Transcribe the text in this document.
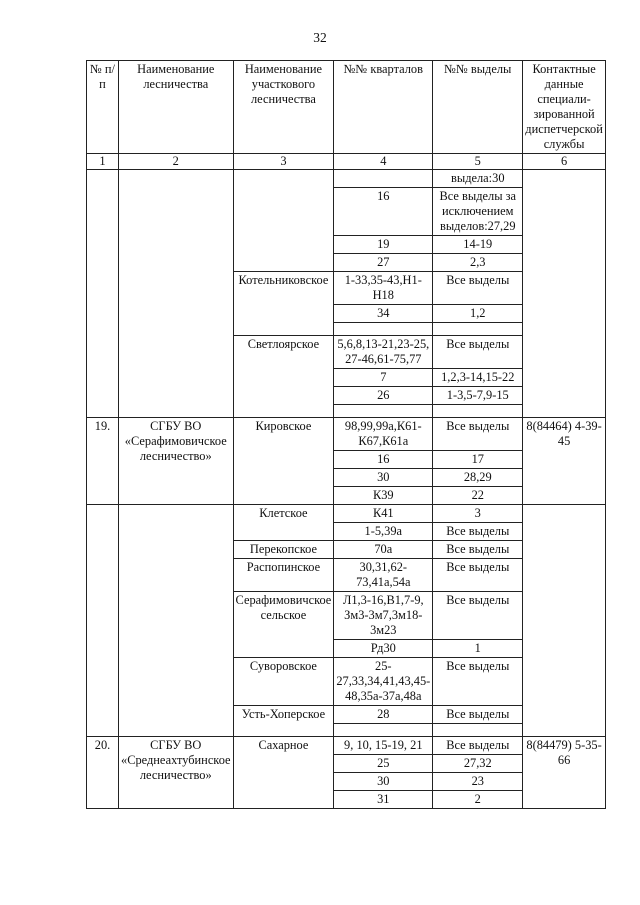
32
№ п/п	Наименование лесничества	Наименование участкового лесничества	№№ кварталов	№№ выделы	Контактные данные специали-зированной диспетчерской службы
1	2	3	4	5	6
				выдела:30	
			16	Все выделы за исключением выделов:27,29	
			19	14-19	
			27	2,3	
		Котельниковское	1-33,35-43,Н1-Н18	Все выделы	
			34	1,2	

		Светлоярское	5,6,8,13-21,23-25, 27-46,61-75,77	Все выделы	
			7	1,2,3-14,15-22	
			26	1-3,5-7,9-15	

19.	СГБУ ВО «Серафимовичское лесничество»	Кировское	98,99,99а,К61-К67,К61а	Все выделы	8(84464) 4-39-45
			16	17	
			30	28,29	
			К39	22	
		Клетское	К41	3	
			1-5,39а	Все выделы	
		Перекопское	70а	Все выделы	
		Распопинское	30,31,62-73,41а,54а	Все выделы	
		Серафимовичское сельское	Л1,3-16,В1,7-9, Зм3-3м7,3м18-3м23	Все выделы	
			Рд30	1	
		Суворовское	25-27,33,34,41,43,45-48,35а-37а,48а	Все выделы	
		Усть-Хоперское	28	Все выделы	

20.	СГБУ ВО «Среднеахтубинское лесничество»	Сахарное	9, 10, 15-19, 21	Все выделы	8(84479) 5-35-66
			25	27,32	
			30	23	
			31	2	
